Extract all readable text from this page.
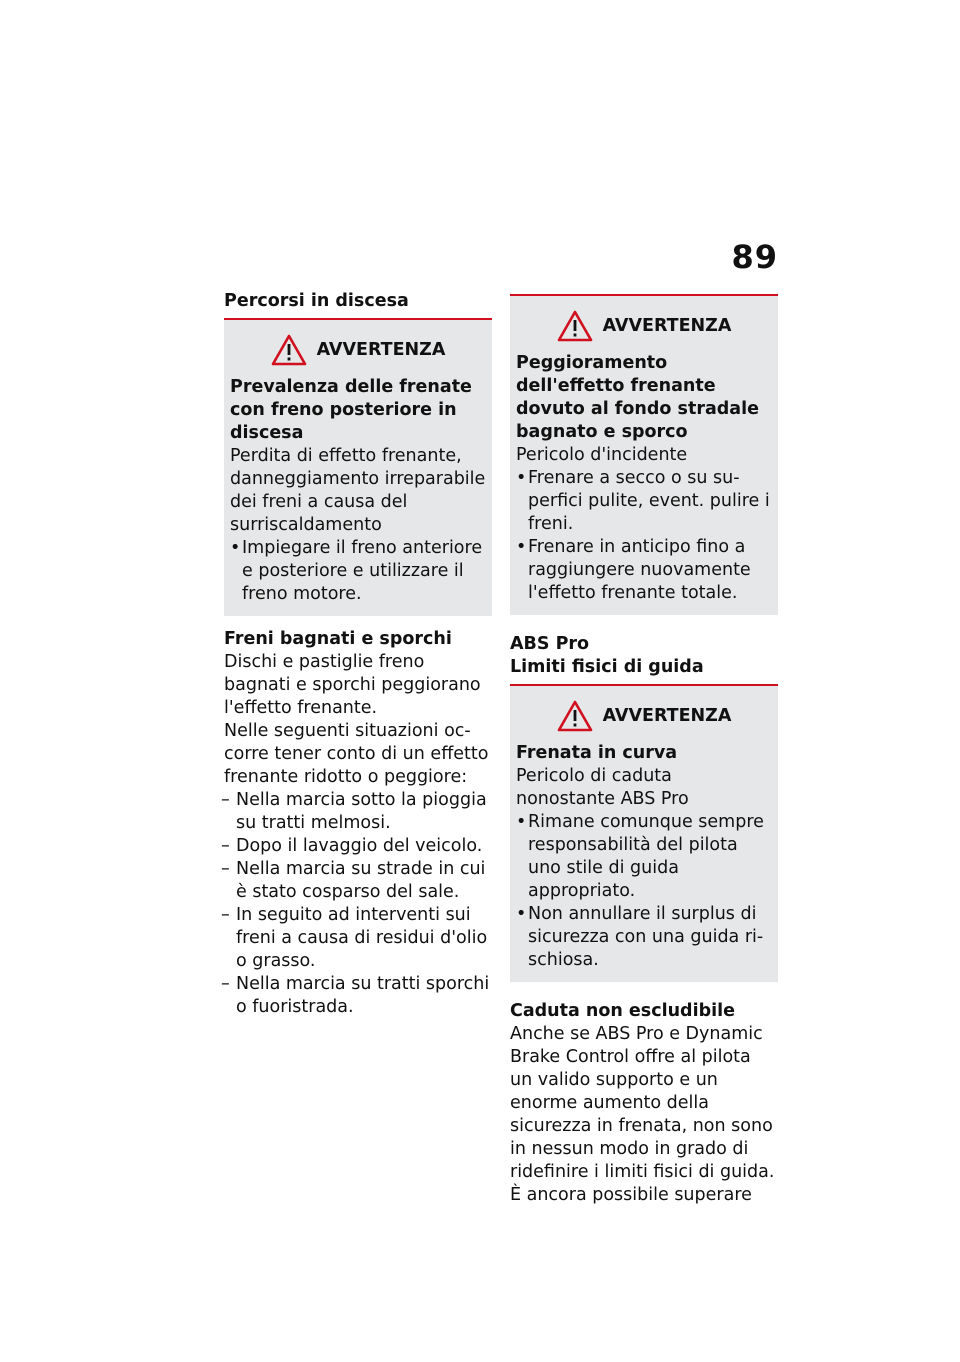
89
Percorsi in discesa
AVVERTENZA

Prevalenza delle frenate con freno posteriore in discesa

Perdita di effetto frenante, danneggiamento irreparabile dei freni a causa del surriscaldamento

• Impiegare il freno anteriore e posteriore e utilizzare il freno motore.
Freni bagnati e sporchi

Dischi e pastiglie freno bagnati e sporchi peggiorano l'effetto frenante.

Nelle seguenti situazioni occorre tener conto di un effetto frenante ridotto o peggiore:

– Nella marcia sotto la pioggia su tratti melmosi.
– Dopo il lavaggio del veicolo.
– Nella marcia su strade in cui è stato cosparso del sale.
– In seguito ad interventi sui freni a causa di residui d'olio o grasso.
– Nella marcia su tratti sporchi o fuoristrada.
AVVERTENZA

Peggioramento dell'effetto frenante dovuto al fondo stradale bagnato e sporco

Pericolo d'incidente

• Frenare a secco o su superfici pulite, event. pulire i freni.
• Frenare in anticipo fino a raggiungere nuovamente l'effetto frenante totale.
ABS Pro
Limiti fisici di guida
AVVERTENZA

Frenata in curva

Pericolo di caduta nonostante ABS Pro

• Rimane comunque sempre responsabilità del pilota uno stile di guida appropriato.
• Non annullare il surplus di sicurezza con una guida rischiosa.
Caduta non escludibile

Anche se ABS Pro e Dynamic Brake Control offre al pilota un valido supporto e un enorme aumento della sicurezza in frenata, non sono in nessun modo in grado di ridefinire i limiti fisici di guida. È ancora possibile superare
